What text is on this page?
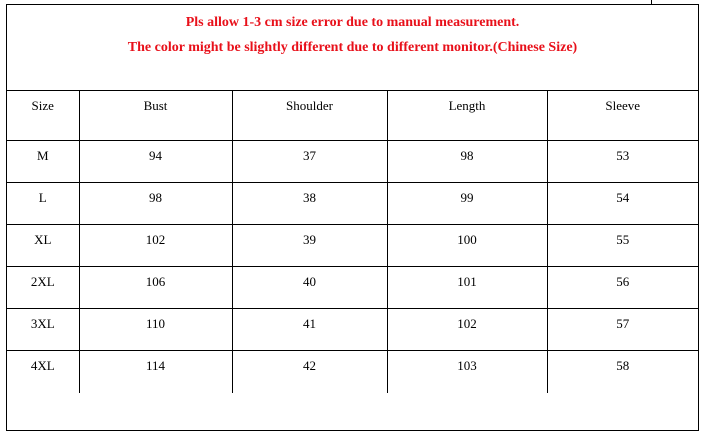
Pls allow 1-3 cm size error due to manual measurement.
The color might be slightly different due to different monitor.(Chinese Size)
Size	Bust	Shoulder	Length	Sleeve
M	94	37	98	53
L	98	38	99	54
XL	102	39	100	55
2XL	106	40	101	56
3XL	110	41	102	57
4XL	114	42	103	58
